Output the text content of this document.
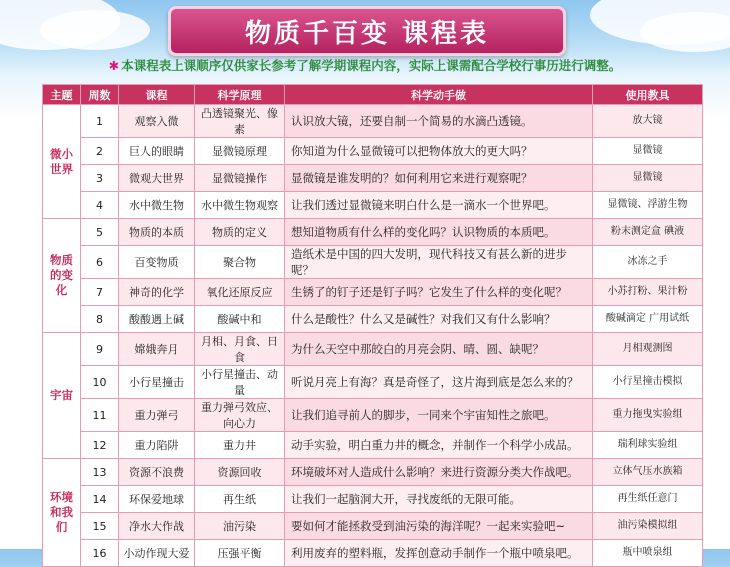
物质千百变 课程表
✱ 本课程表上课顺序仅供家长参考了解学期课程内容，实际上课需配合学校行事历进行调整。
主题	周数	课程	科学原理	科学动手做	使用教具
微小世界	1	观察入微	凸透镜聚光、像素	认识放大镜，还要自制一个简易的水滴凸透镜。	放大镜
	2	巨人的眼睛	显微镜原理	你知道为什么显微镜可以把物体放大的更大吗？	显微镜
	3	微观大世界	显微镜操作	显微镜是谁发明的？如何利用它来进行观察呢？	显微镜
	4	水中微生物	水中微生物观察	让我们透过显微镜来明白什么是一滴水一个世界吧。	显微镜、浮游生物
物质的变化	5	物质的本质	物质的定义	想知道物质有什么样的变化吗？认识物质的本质吧。	粉末测定盒 碘液
	6	百变物质	聚合物	造纸术是中国的四大发明，现代科技又有甚么新的进步呢？	冰冻之手
	7	神奇的化学	氧化还原反应	生锈了的钉子还是钉子吗？它发生了什么样的变化呢？	小苏打粉、果汁粉
	8	酸酸遇上碱	酸碱中和	什么是酸性？什么又是碱性？对我们又有什么影响？	酸碱滴定 广用试纸
宇宙	9	嫦娥奔月	月相、月食、日食	为什么天空中那皎白的月亮会阴、晴、圆、缺呢？	月相观测图
	10	小行星撞击	小行星撞击、动量	听说月亮上有海？真是奇怪了，这片海到底是怎么来的？	小行星撞击模拟
	11	重力弹弓	重力弹弓效应、向心力	让我们追寻前人的脚步，一同来个宇宙知性之旅吧。	重力拖曳实验组
	12	重力陷阱	重力井	动手实验，明白重力井的概念，并制作一个科学小成品。	瑞利球实验组
环境和我们	13	资源不浪费	资源回收	环境破坏对人造成什么影响？来进行资源分类大作战吧。	立体气压水族箱
	14	环保爱地球	再生纸	让我们一起脑洞大开，寻找废纸的无限可能。	再生纸任意门
	15	净水大作战	油污染	要如何才能拯救受到油污染的海洋呢？一起来实验吧~	油污染模拟组
	16	小动作现大爱	压强平衡	利用废弃的塑料瓶，发挥创意动手制作一个瓶中喷泉吧。	瓶中喷泉组
